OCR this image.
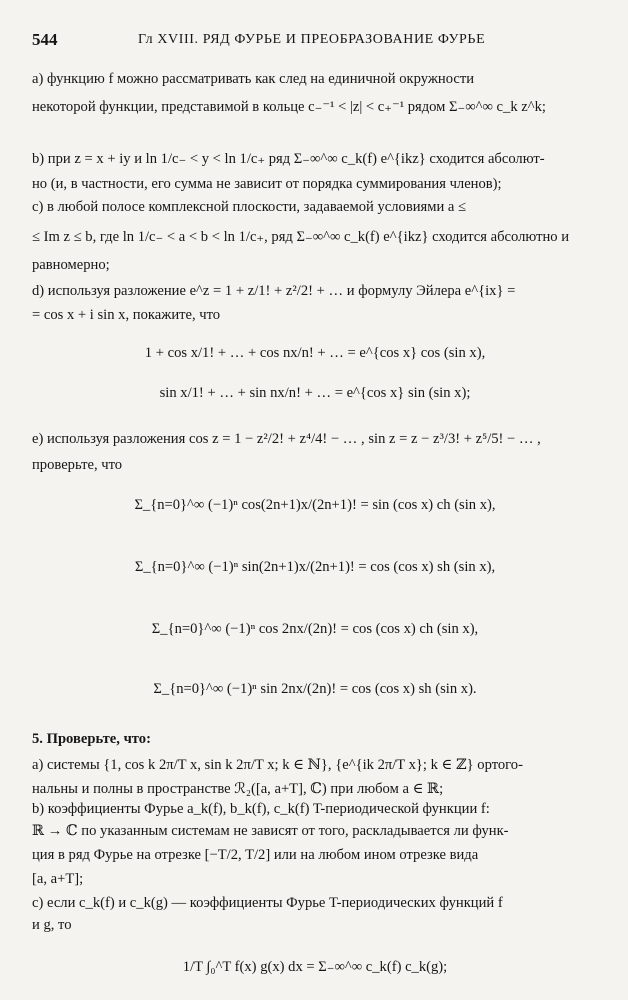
544	Гл XVIII. РЯД ФУРЬЕ И ПРЕОБРАЗОВАНИЕ ФУРЬЕ
a) функцию f можно рассматривать как след на единичной окружности
некоторой функции, представимой в кольце c₋⁻¹ < |z| < c₊⁻¹ рядом Σ₋∞^∞ c_k z^k;
b) при z = x + iy и ln 1/c₋ < y < ln 1/c₊ ряд Σ₋∞^∞ c_k(f) e^{ikz} сходится абсолют-
но (и, в частности, его сумма не зависит от порядка суммирования членов);
c) в любой полосе комплексной плоскости, задаваемой условиями a ≤
≤ Im z ≤ b, где ln 1/c₋ < a < b < ln 1/c₊, ряд Σ₋∞^∞ c_k(f) e^{ikz} сходится абсолютно и
равномерно;
d) используя разложение e^z = 1 + z/1! + z²/2! + … и формулу Эйлера e^{ix} =
= cos x + i sin x, покажите, что
1 + cos x/1! + … + cos nx/n! + … = e^{cos x} cos (sin x),
sin x/1! + … + sin nx/n! + … = e^{cos x} sin (sin x);
e) используя разложения cos z = 1 − z²/2! + z⁴/4! − … , sin z = z − z³/3! + z⁵/5! − … ,
проверьте, что
Σ_{n=0}^∞ (−1)ⁿ cos(2n+1)x/(2n+1)! = sin (cos x) ch (sin x),
Σ_{n=0}^∞ (−1)ⁿ sin(2n+1)x/(2n+1)! = cos (cos x) sh (sin x),
Σ_{n=0}^∞ (−1)ⁿ cos 2nx/(2n)! = cos (cos x) ch (sin x),
Σ_{n=0}^∞ (−1)ⁿ sin 2nx/(2n)! = cos (cos x) sh (sin x).
5. Проверьте, что:
a) системы {1, cos k 2π/T x, sin k 2π/T x; k ∈ ℕ}, {e^{ik 2π/T x}; k ∈ ℤ} ортого-
нальны и полны в пространстве ℛ₂([a, a+T], ℂ) при любом a ∈ ℝ;
b) коэффициенты Фурье a_k(f), b_k(f), c_k(f) T-периодической функции f:
ℝ → ℂ по указанным системам не зависят от того, раскладывается ли функ-
ция в ряд Фурье на отрезке [−T/2, T/2] или на любом ином отрезке вида
[a, a+T];
c) если c_k(f) и c_k(g) — коэффициенты Фурье T-периодических функций f
и g, то
1/T ∫₀^T f(x) g(x) dx = Σ₋∞^∞ c_k(f) c_k(g);
